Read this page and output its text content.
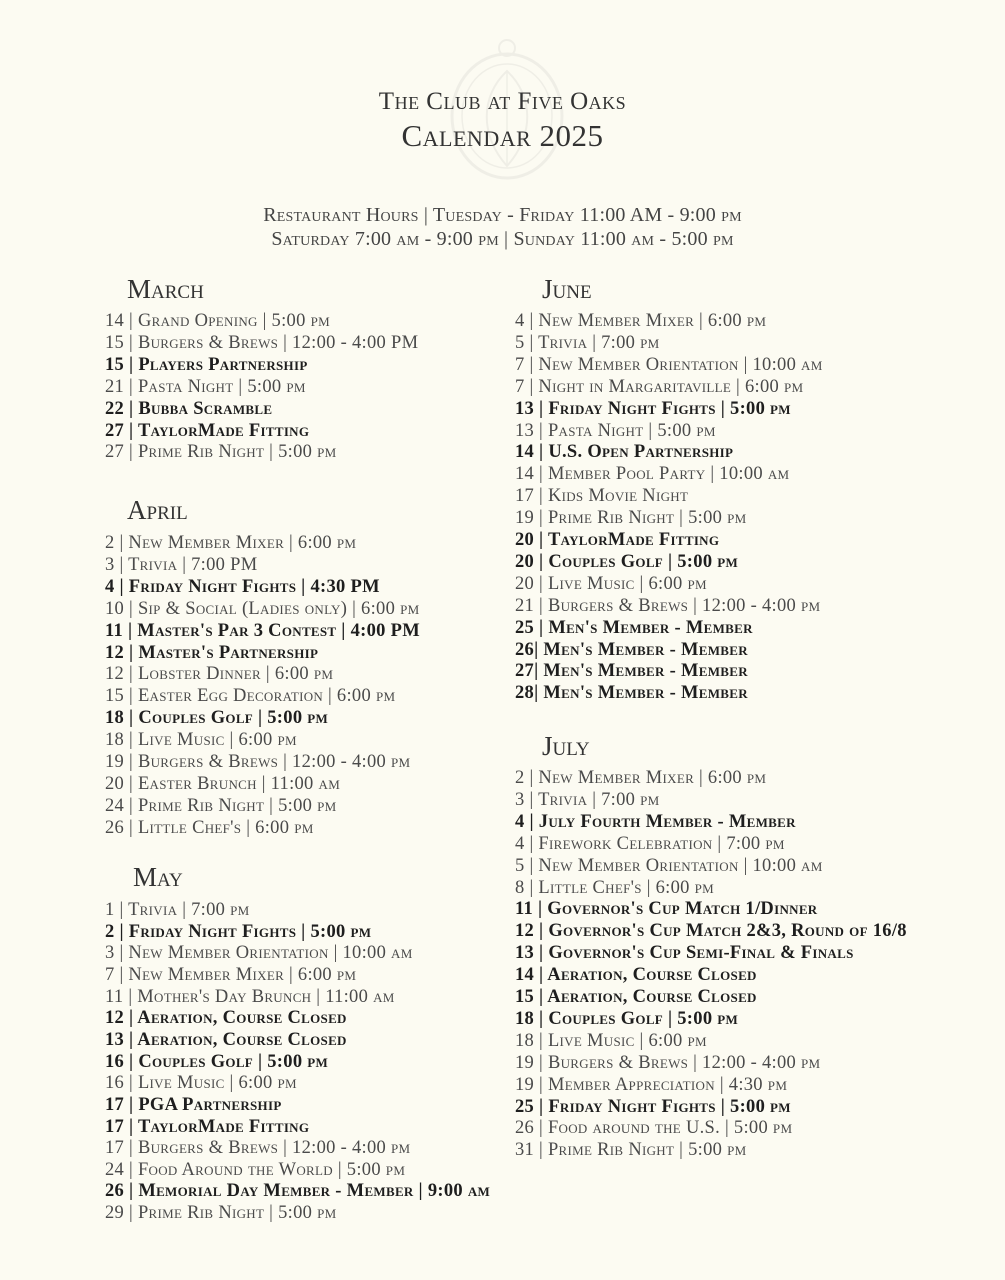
The Club at Five Oaks
Calendar 2025
Restaurant Hours | Tuesday - Friday 11:00 AM - 9:00 pm
Saturday 7:00 am - 9:00 pm | Sunday 11:00 am - 5:00 pm
March
14 | Grand Opening | 5:00 pm
15 | Burgers & Brews | 12:00 - 4:00 PM
15 | Players Partnership
21 | Pasta Night | 5:00 pm
22 | Bubba Scramble
27 | TaylorMade Fitting
27 | Prime Rib Night | 5:00 pm
April
2 | New Member Mixer | 6:00 pm
3 | Trivia | 7:00 PM
4 | Friday Night Fights | 4:30 PM
10 | Sip & Social (Ladies only) | 6:00 pm
11 | Master's Par 3 Contest | 4:00 PM
12 | Master's Partnership
12 | Lobster Dinner | 6:00 pm
15 | Easter Egg Decoration | 6:00 pm
18 | Couples Golf | 5:00 pm
18 | Live Music | 6:00 pm
19 | Burgers & Brews | 12:00 - 4:00 pm
20 | Easter Brunch | 11:00 am
24 | Prime Rib Night | 5:00 pm
26 | Little Chef's | 6:00 pm
May
1 | Trivia | 7:00 pm
2 | Friday Night Fights | 5:00 pm
3 | New Member Orientation | 10:00 am
7 | New Member Mixer | 6:00 pm
11 | Mother's Day Brunch | 11:00 am
12 | Aeration, Course Closed
13 | Aeration, Course Closed
16 | Couples Golf | 5:00 pm
16 | Live Music | 6:00 pm
17 | PGA Partnership
17 | TaylorMade Fitting
17 | Burgers & Brews | 12:00 - 4:00 pm
24 | Food Around the World | 5:00 pm
26 | Memorial Day Member - Member | 9:00 am
29 | Prime Rib Night | 5:00 pm
June
4 | New Member Mixer | 6:00 pm
5 | Trivia | 7:00 pm
7 | New Member Orientation | 10:00 am
7 | Night in Margaritaville | 6:00 pm
13 | Friday Night Fights | 5:00 pm
13 | Pasta Night | 5:00 pm
14 | U.S. Open Partnership
14 | Member Pool Party | 10:00 am
17 | Kids Movie Night
19 | Prime Rib Night | 5:00 pm
20 | TaylorMade Fitting
20 | Couples Golf | 5:00 pm
20 | Live Music | 6:00 pm
21 | Burgers & Brews | 12:00 - 4:00 pm
25 | Men's Member - Member
26| Men's Member - Member
27| Men's Member - Member
28| Men's Member - Member
July
2 | New Member Mixer | 6:00 pm
3 | Trivia | 7:00 pm
4 | July Fourth Member - Member
4 | Firework Celebration | 7:00 pm
5 | New Member Orientation | 10:00 am
8 | Little Chef's | 6:00 pm
11 | Governor's Cup Match 1/Dinner
12 | Governor's Cup Match 2&3, Round of 16/8
13 | Governor's Cup Semi-Final & Finals
14 | Aeration, Course Closed
15 | Aeration, Course Closed
18 | Couples Golf | 5:00 pm
18 | Live Music | 6:00 pm
19 | Burgers & Brews | 12:00 - 4:00 pm
19 | Member Appreciation | 4:30 pm
25 | Friday Night Fights | 5:00 pm
26 | Food around the U.S. | 5:00 pm
31 | Prime Rib Night | 5:00 pm
